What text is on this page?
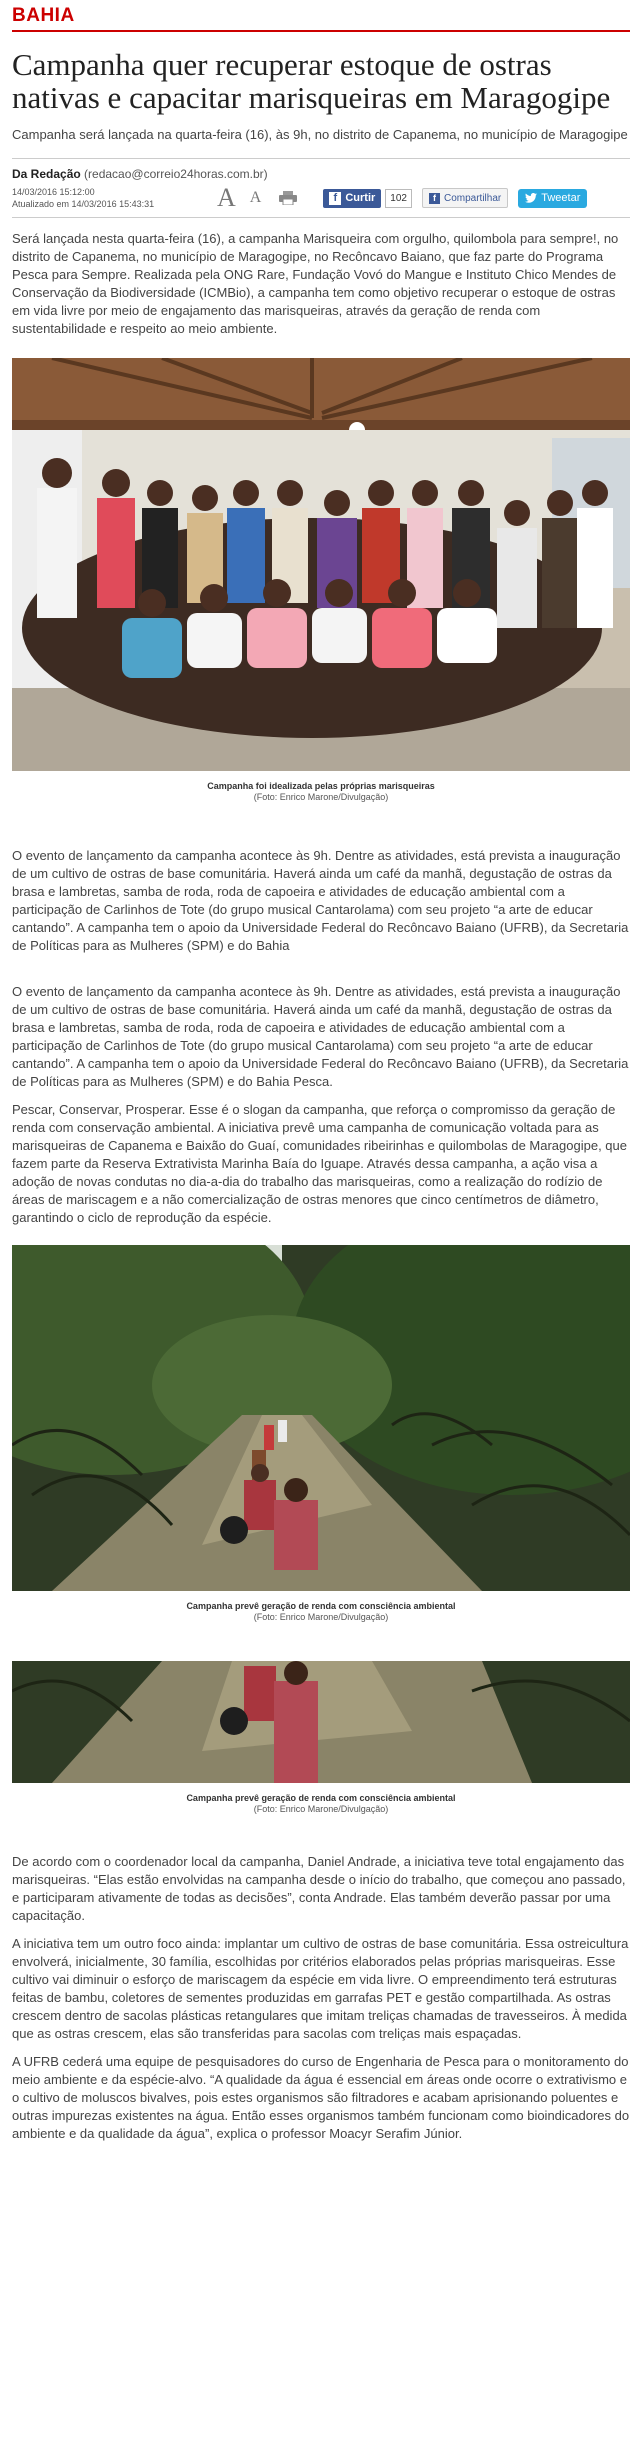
BAHIA
Campanha quer recuperar estoque de ostras nativas e capacitar marisqueiras em Maragogipe

Campanha será lançada na quarta-feira (16), às 9h, no distrito de Capanema, no município de Maragogipe

Da Redação (redacao@correio24horas.com.br)
14/03/2016 15:12:00
Atualizado em 14/03/2016 15:43:31	A A	f Curtir	102	f Compartilhar	Tweetar

Será lançada nesta quarta-feira (16), a campanha Marisqueira com orgulho, quilombola para sempre!, no distrito de Capanema, no município de Maragogipe, no Recôncavo Baiano, que faz parte do Programa Pesca para Sempre. Realizada pela ONG Rare, Fundação Vovó do Mangue e Instituto Chico Mendes de Conservação da Biodiversidade (ICMBio), a campanha tem como objetivo recuperar o estoque de ostras em vida livre por meio de engajamento das marisqueiras, através da geração de renda com sustentabilidade e respeito ao meio ambiente.

Campanha foi idealizada pelas próprias marisqueiras
(Foto: Enrico Marone/Divulgação)

O evento de lançamento da campanha acontece às 9h. Dentre as atividades, está prevista a inauguração de um cultivo de ostras de base comunitária. Haverá ainda um café da manhã, degustação de ostras da brasa e lambretas, samba de roda, roda de capoeira e atividades de educação ambiental com a participação de Carlinhos de Tote (do grupo musical Cantarolama) com seu projeto “a arte de educar cantando”. A campanha tem o apoio da Universidade Federal do Recôncavo Baiano (UFRB), da Secretaria de Políticas para as Mulheres (SPM) e do Bahia

O evento de lançamento da campanha acontece às 9h. Dentre as atividades, está prevista a inauguração de um cultivo de ostras de base comunitária. Haverá ainda um café da manhã, degustação de ostras da brasa e lambretas, samba de roda, roda de capoeira e atividades de educação ambiental com a participação de Carlinhos de Tote (do grupo musical Cantarolama) com seu projeto “a arte de educar cantando”. A campanha tem o apoio da Universidade Federal do Recôncavo Baiano (UFRB), da Secretaria de Políticas para as Mulheres (SPM) e do Bahia Pesca.

Pescar, Conservar, Prosperar. Esse é o slogan da campanha, que reforça o compromisso da geração de renda com conservação ambiental. A iniciativa prevê uma campanha de comunicação voltada para as marisqueiras de Capanema e Baixão do Guaí, comunidades ribeirinhas e quilombolas de Maragogipe, que fazem parte da Reserva Extrativista Marinha Baía do Iguape. Através dessa campanha, a ação visa a adoção de novas condutas no dia-a-dia do trabalho das marisqueiras, como a realização do rodízio de áreas de mariscagem e a não comercialização de ostras menores que cinco centímetros de diâmetro, garantindo o ciclo de reprodução da espécie.

Campanha prevê geração de renda com consciência ambiental
(Foto: Enrico Marone/Divulgação)
Campanha prevê geração de renda com consciência ambiental
(Foto: Enrico Marone/Divulgação)

De acordo com o coordenador local da campanha, Daniel Andrade, a iniciativa teve total engajamento das marisqueiras. “Elas estão envolvidas na campanha desde o início do trabalho, que começou ano passado, e participaram ativamente de todas as decisões”, conta Andrade. Elas também deverão passar por uma capacitação.

A iniciativa tem um outro foco ainda: implantar um cultivo de ostras de base comunitária. Essa ostreicultura envolverá, inicialmente, 30 família, escolhidas por critérios elaborados pelas próprias marisqueiras. Esse cultivo vai diminuir o esforço de mariscagem da espécie em vida livre. O empreendimento terá estruturas feitas de bambu, coletores de sementes produzidas em garrafas PET e gestão compartilhada. As ostras crescem dentro de sacolas plásticas retangulares que imitam treliças chamadas de travesseiros. À medida que as ostras crescem, elas são transferidas para sacolas com treliças mais espaçadas.

A UFRB cederá uma equipe de pesquisadores do curso de Engenharia de Pesca para o monitoramento do meio ambiente e da espécie-alvo. “A qualidade da água é essencial em áreas onde ocorre o extrativismo e o cultivo de moluscos bivalves, pois estes organismos são filtradores e acabam aprisionando poluentes e outras impurezas existentes na água. Então esses organismos também funcionam como bioindicadores do ambiente e da qualidade da água”, explica o professor Moacyr Serafim Júnior.
